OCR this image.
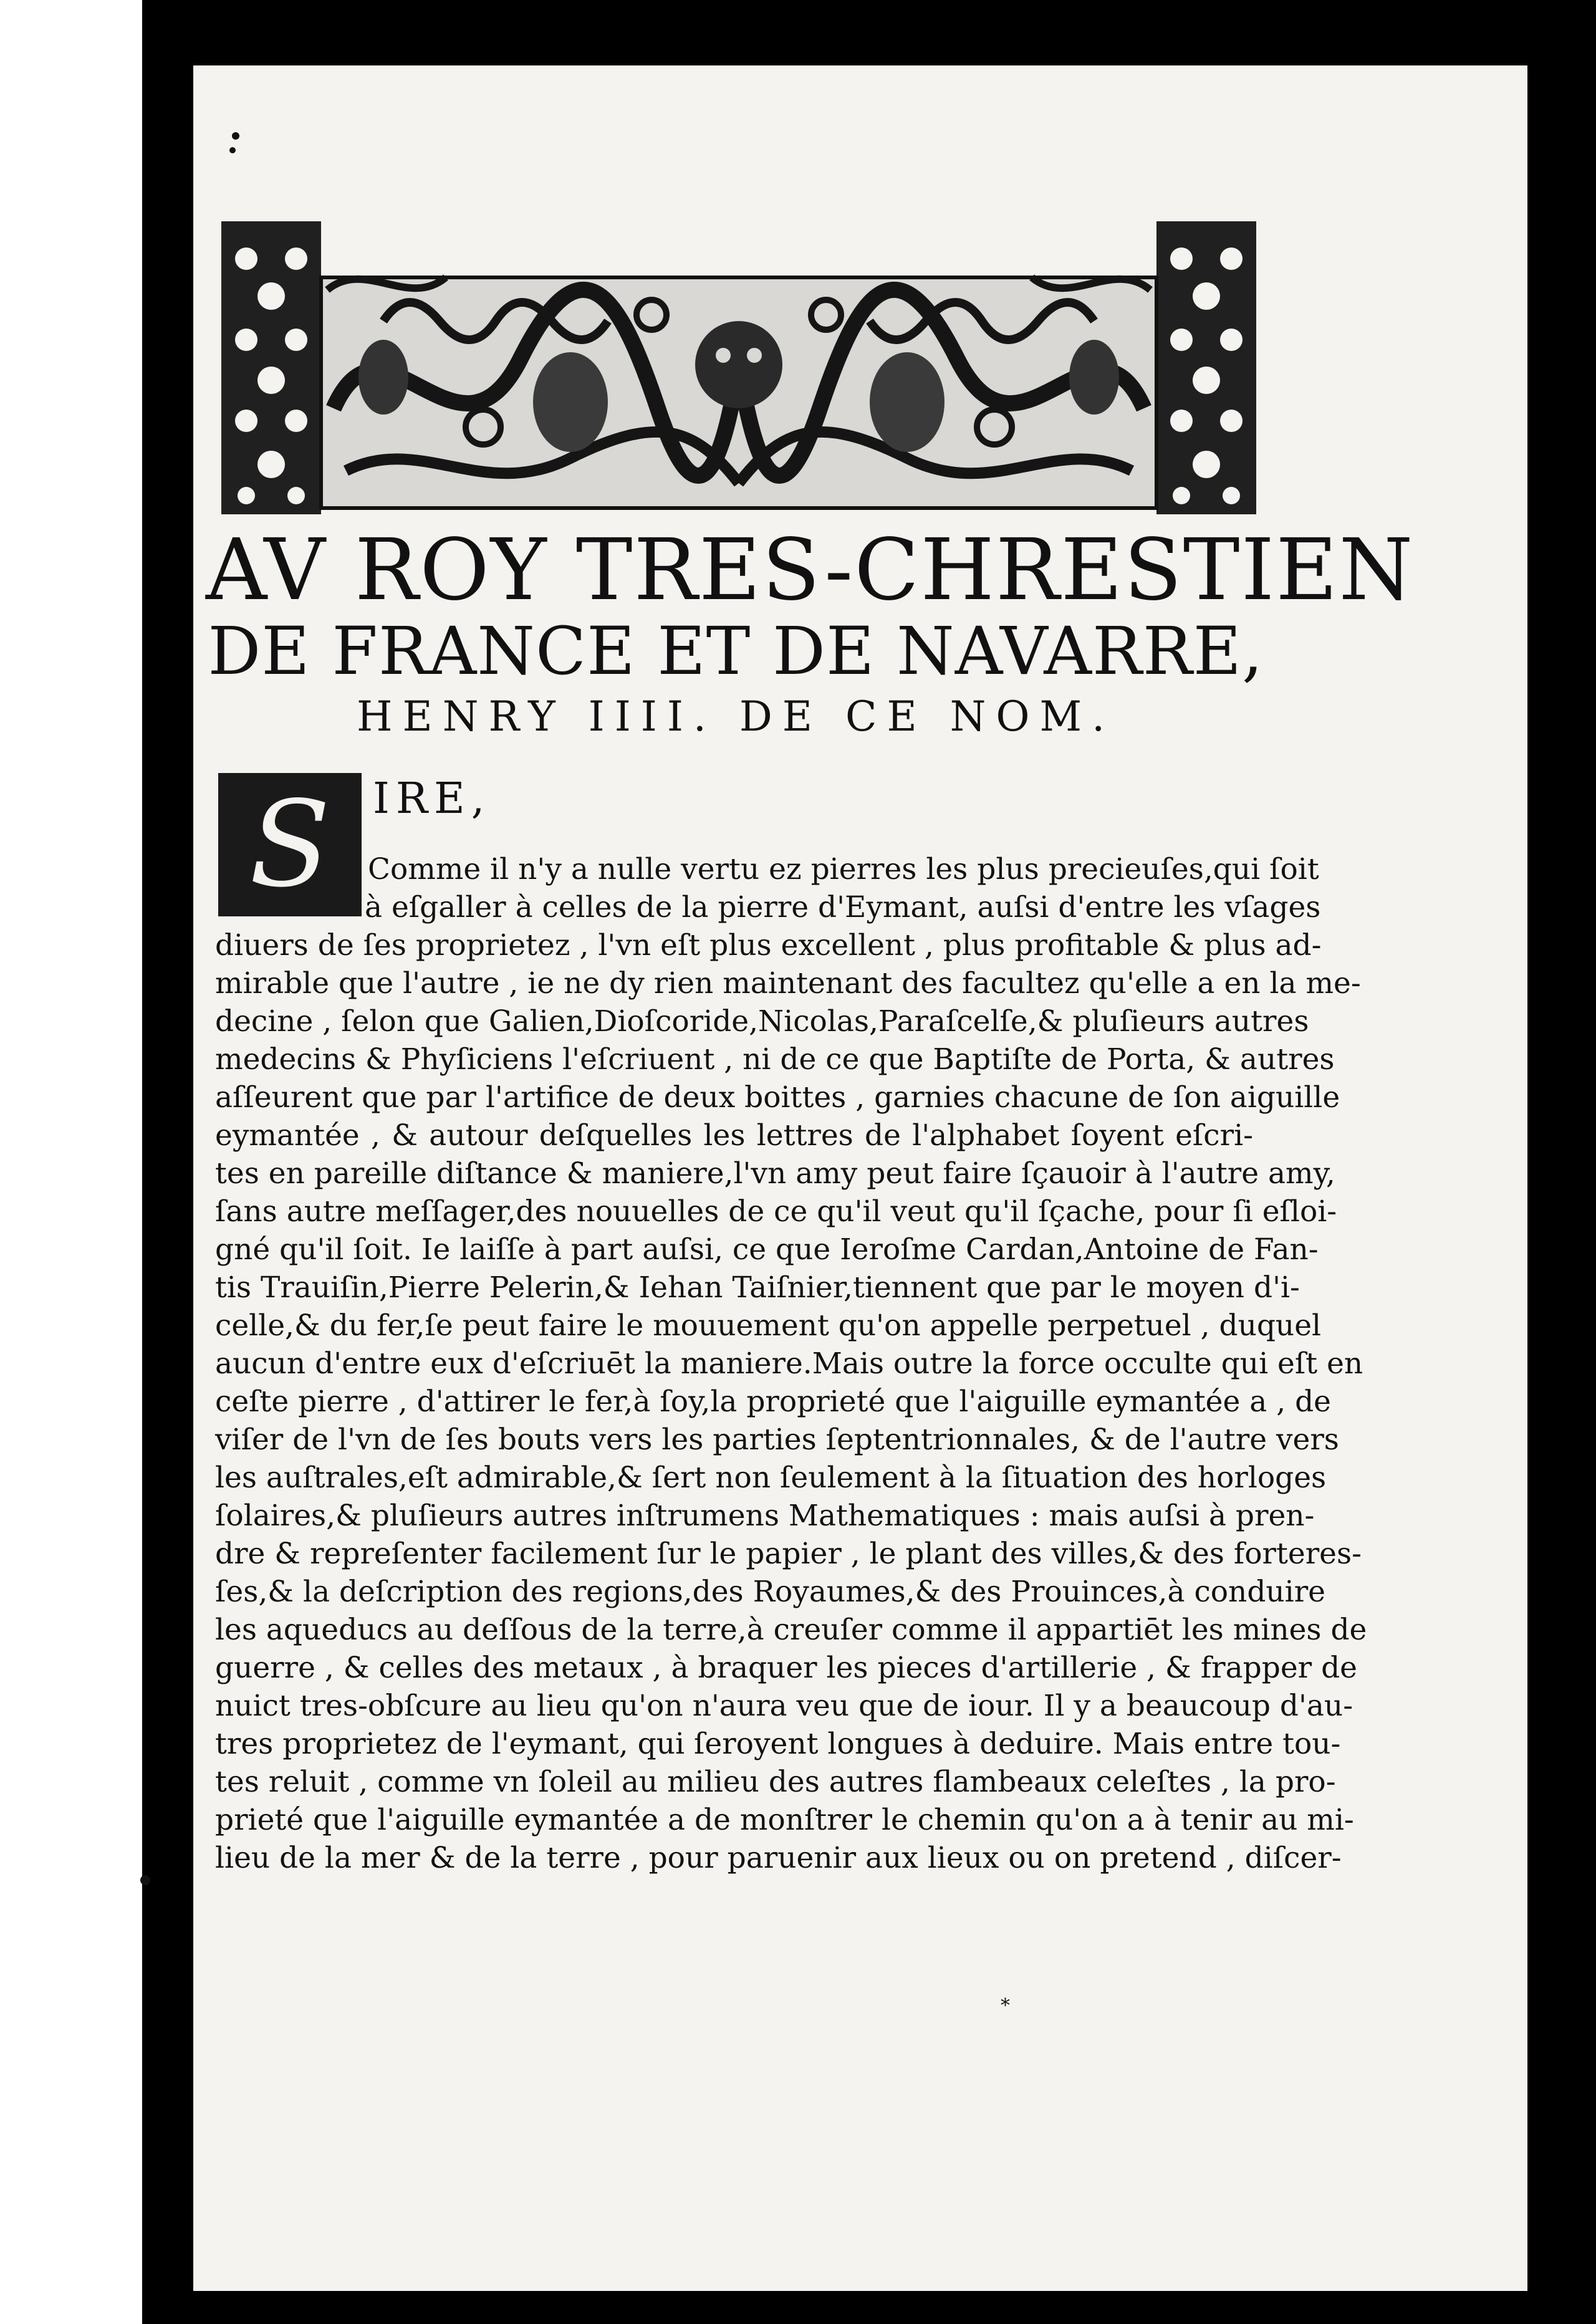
AV ROY TRES-CHRESTIEN
DE FRANCE ET DE NAVARRE,
HENRY IIII. DE CE NOM.
S IRE,
Comme il n'y a nulle vertu ez pierres les plus precieuſes,qui ſoit
à eſgaller à celles de la pierre d'Eymant, auſsi d'entre les vſages
diuers de ſes proprietez , l'vn eſt plus excellent , plus profitable & plus ad-
mirable que l'autre , ie ne dy rien maintenant des facultez qu'elle a en la me-
decine , ſelon que Galien,Dioſcoride,Nicolas,Paraſcelſe,& pluſieurs autres
medecins & Phyſiciens l'eſcriuent , ni de ce que Baptiſte de Porta, & autres
aſſeurent que par l'artifice de deux boittes , garnies chacune de ſon aiguille
eymantée , & autour deſquelles les lettres de l'alphabet ſoyent eſcri-
tes en pareille diſtance & maniere,l'vn amy peut faire ſçauoir à l'autre amy,
ſans autre meſſager,des nouuelles de ce qu'il veut qu'il ſçache, pour ſi eſloi-
gné qu'il ſoit. Ie laiſſe à part auſsi, ce que Ieroſme Cardan,Antoine de Fan-
tis Trauiſin,Pierre Pelerin,& Iehan Taiſnier,tiennent que par le moyen d'i-
celle,& du fer,ſe peut faire le mouuement qu'on appelle perpetuel , duquel
aucun d'entre eux d'eſcriuēt la maniere.Mais outre la force occulte qui eſt en
ceſte pierre , d'attirer le fer,à ſoy,la proprieté que l'aiguille eymantée a , de
viſer de l'vn de ſes bouts vers les parties ſeptentrionnales, & de l'autre vers
les auſtrales,eſt admirable,& ſert non ſeulement à la ſituation des horloges
ſolaires,& pluſieurs autres inſtrumens Mathematiques : mais auſsi à pren-
dre & repreſenter facilement ſur le papier , le plant des villes,& des forteres-
ſes,& la deſcription des regions,des Royaumes,& des Prouinces,à conduire
les aqueducs au deſſous de la terre,à creuſer comme il appartiēt les mines de
guerre , & celles des metaux , à braquer les pieces d'artillerie , & frapper de
nuict tres-obſcure au lieu qu'on n'aura veu que de iour. Il y a beaucoup d'au-
tres proprietez de l'eymant, qui ſeroyent longues à deduire. Mais entre tou-
tes reluit , comme vn ſoleil au milieu des autres flambeaux celeſtes , la pro-
prieté que l'aiguille eymantée a de monſtrer le chemin qu'on a à tenir au mi-
lieu de la mer & de la terre , pour paruenir aux lieux ou on pretend , diſcer-
*
